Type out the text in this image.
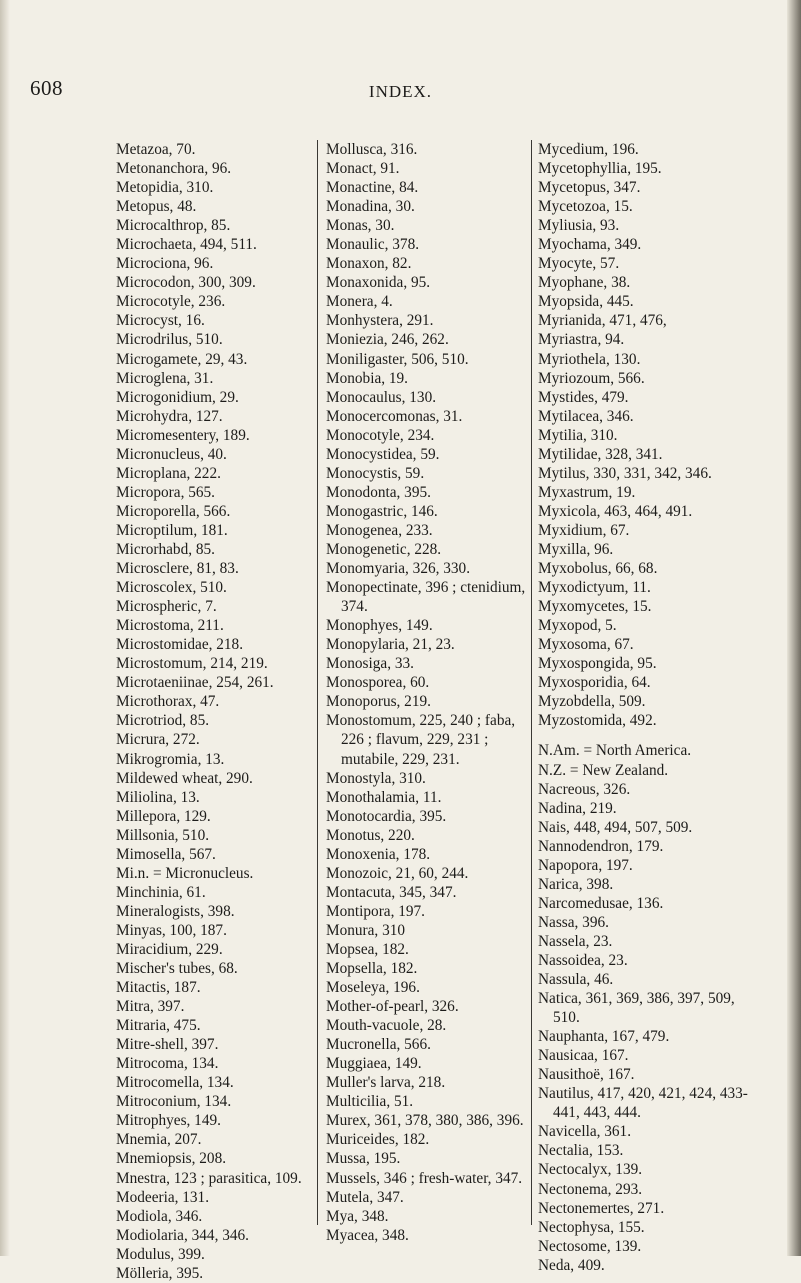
608	INDEX.
Metazoa, 70.
Metonanchora, 96.
Metopidia, 310.
Metopus, 48.
Microcalthrop, 85.
Microchaeta, 494, 511.
Microciona, 96.
Microcodon, 300, 309.
Microcotyle, 236.
Microcyst, 16.
Microdrilus, 510.
Microgamete, 29, 43.
Microglena, 31.
Microgonidium, 29.
Microhydra, 127.
Micromesentery, 189.
Micronucleus, 40.
Microplana, 222.
Micropora, 565.
Microporella, 566.
Microptilum, 181.
Microrhabd, 85.
Microsclere, 81, 83.
Microscolex, 510.
Microspheric, 7.
Microstoma, 211.
Microstomidae, 218.
Microstomum, 214, 219.
Microtaeniinae, 254, 261.
Microthorax, 47.
Microtriod, 85.
Micrura, 272.
Mikrogromia, 13.
Mildewed wheat, 290.
Miliolina, 13.
Millepora, 129.
Millsonia, 510.
Mimosella, 567.
Mi.n. = Micronucleus.
Minchinia, 61.
Mineralogists, 398.
Minyas, 100, 187.
Miracidium, 229.
Mischer's tubes, 68.
Mitactis, 187.
Mitra, 397.
Mitraria, 475.
Mitre-shell, 397.
Mitrocoma, 134.
Mitrocomella, 134.
Mitroconium, 134.
Mitrophyes, 149.
Mnemia, 207.
Mnemiopsis, 208.
Mnestra, 123 ; parasitica, 109.
Modeeria, 131.
Modiola, 346.
Modiolaria, 344, 346.
Modulus, 399.
Mölleria, 395.
Mollusca, 316.
Monact, 91.
Monactine, 84.
Monadina, 30.
Monas, 30.
Monaulic, 378.
Monaxon, 82.
Monaxonida, 95.
Monera, 4.
Monhystera, 291.
Moniezia, 246, 262.
Moniligaster, 506, 510.
Monobia, 19.
Monocaulus, 130.
Monocercomonas, 31.
Monocotyle, 234.
Monocystidea, 59.
Monocystis, 59.
Monodonta, 395.
Monogastric, 146.
Monogenea, 233.
Monogenetic, 228.
Monomyaria, 326, 330.
Monopectinate, 396 ; ctenidium, 374.
Monophyes, 149.
Monopylaria, 21, 23.
Monosiga, 33.
Monosporea, 60.
Monoporus, 219.
Monostomum, 225, 240 ; faba, 226 ; flavum, 229, 231 ; mutabile, 229, 231.
Monostyla, 310.
Monothalamia, 11.
Monotocardia, 395.
Monotus, 220.
Monoxenia, 178.
Monozoic, 21, 60, 244.
Montacuta, 345, 347.
Montipora, 197.
Monura, 310
Mopsea, 182.
Mopsella, 182.
Moseleya, 196.
Mother-of-pearl, 326.
Mouth-vacuole, 28.
Mucronella, 566.
Muggiaea, 149.
Muller's larva, 218.
Multicilia, 51.
Murex, 361, 378, 380, 386, 396.
Muriceides, 182.
Mussa, 195.
Mussels, 346 ; fresh-water, 347.
Mutela, 347.
Mya, 348.
Myacea, 348.
Mycedium, 196.
Mycetophyllia, 195.
Mycetopus, 347.
Mycetozoa, 15.
Myliusia, 93.
Myochama, 349.
Myocyte, 57.
Myophane, 38.
Myopsida, 445.
Myrianida, 471, 476,
Myriastra, 94.
Myriothela, 130.
Myriozoum, 566.
Mystides, 479.
Mytilacea, 346.
Mytilia, 310.
Mytilidae, 328, 341.
Mytilus, 330, 331, 342, 346.
Myxastrum, 19.
Myxicola, 463, 464, 491.
Myxidium, 67.
Myxilla, 96.
Myxobolus, 66, 68.
Myxodictyum, 11.
Myxomycetes, 15.
Myxopod, 5.
Myxosoma, 67.
Myxospongida, 95.
Myxosporidia, 64.
Myzobdella, 509.
Myzostomida, 492.
N.Am. = North America.
N.Z. = New Zealand.
Nacreous, 326.
Nadina, 219.
Nais, 448, 494, 507, 509.
Nannodendron, 179.
Napopora, 197.
Narica, 398.
Narcomedusae, 136.
Nassa, 396.
Nassela, 23.
Nassoidea, 23.
Nassula, 46.
Natica, 361, 369, 386, 397, 509, 510.
Nauphanta, 167, 479.
Nausicaa, 167.
Nausithoë, 167.
Nautilus, 417, 420, 421, 424, 433-441, 443, 444.
Navicella, 361.
Nectalia, 153.
Nectocalyx, 139.
Nectonema, 293.
Nectonemertes, 271.
Nectophysa, 155.
Nectosome, 139.
Neda, 409.
